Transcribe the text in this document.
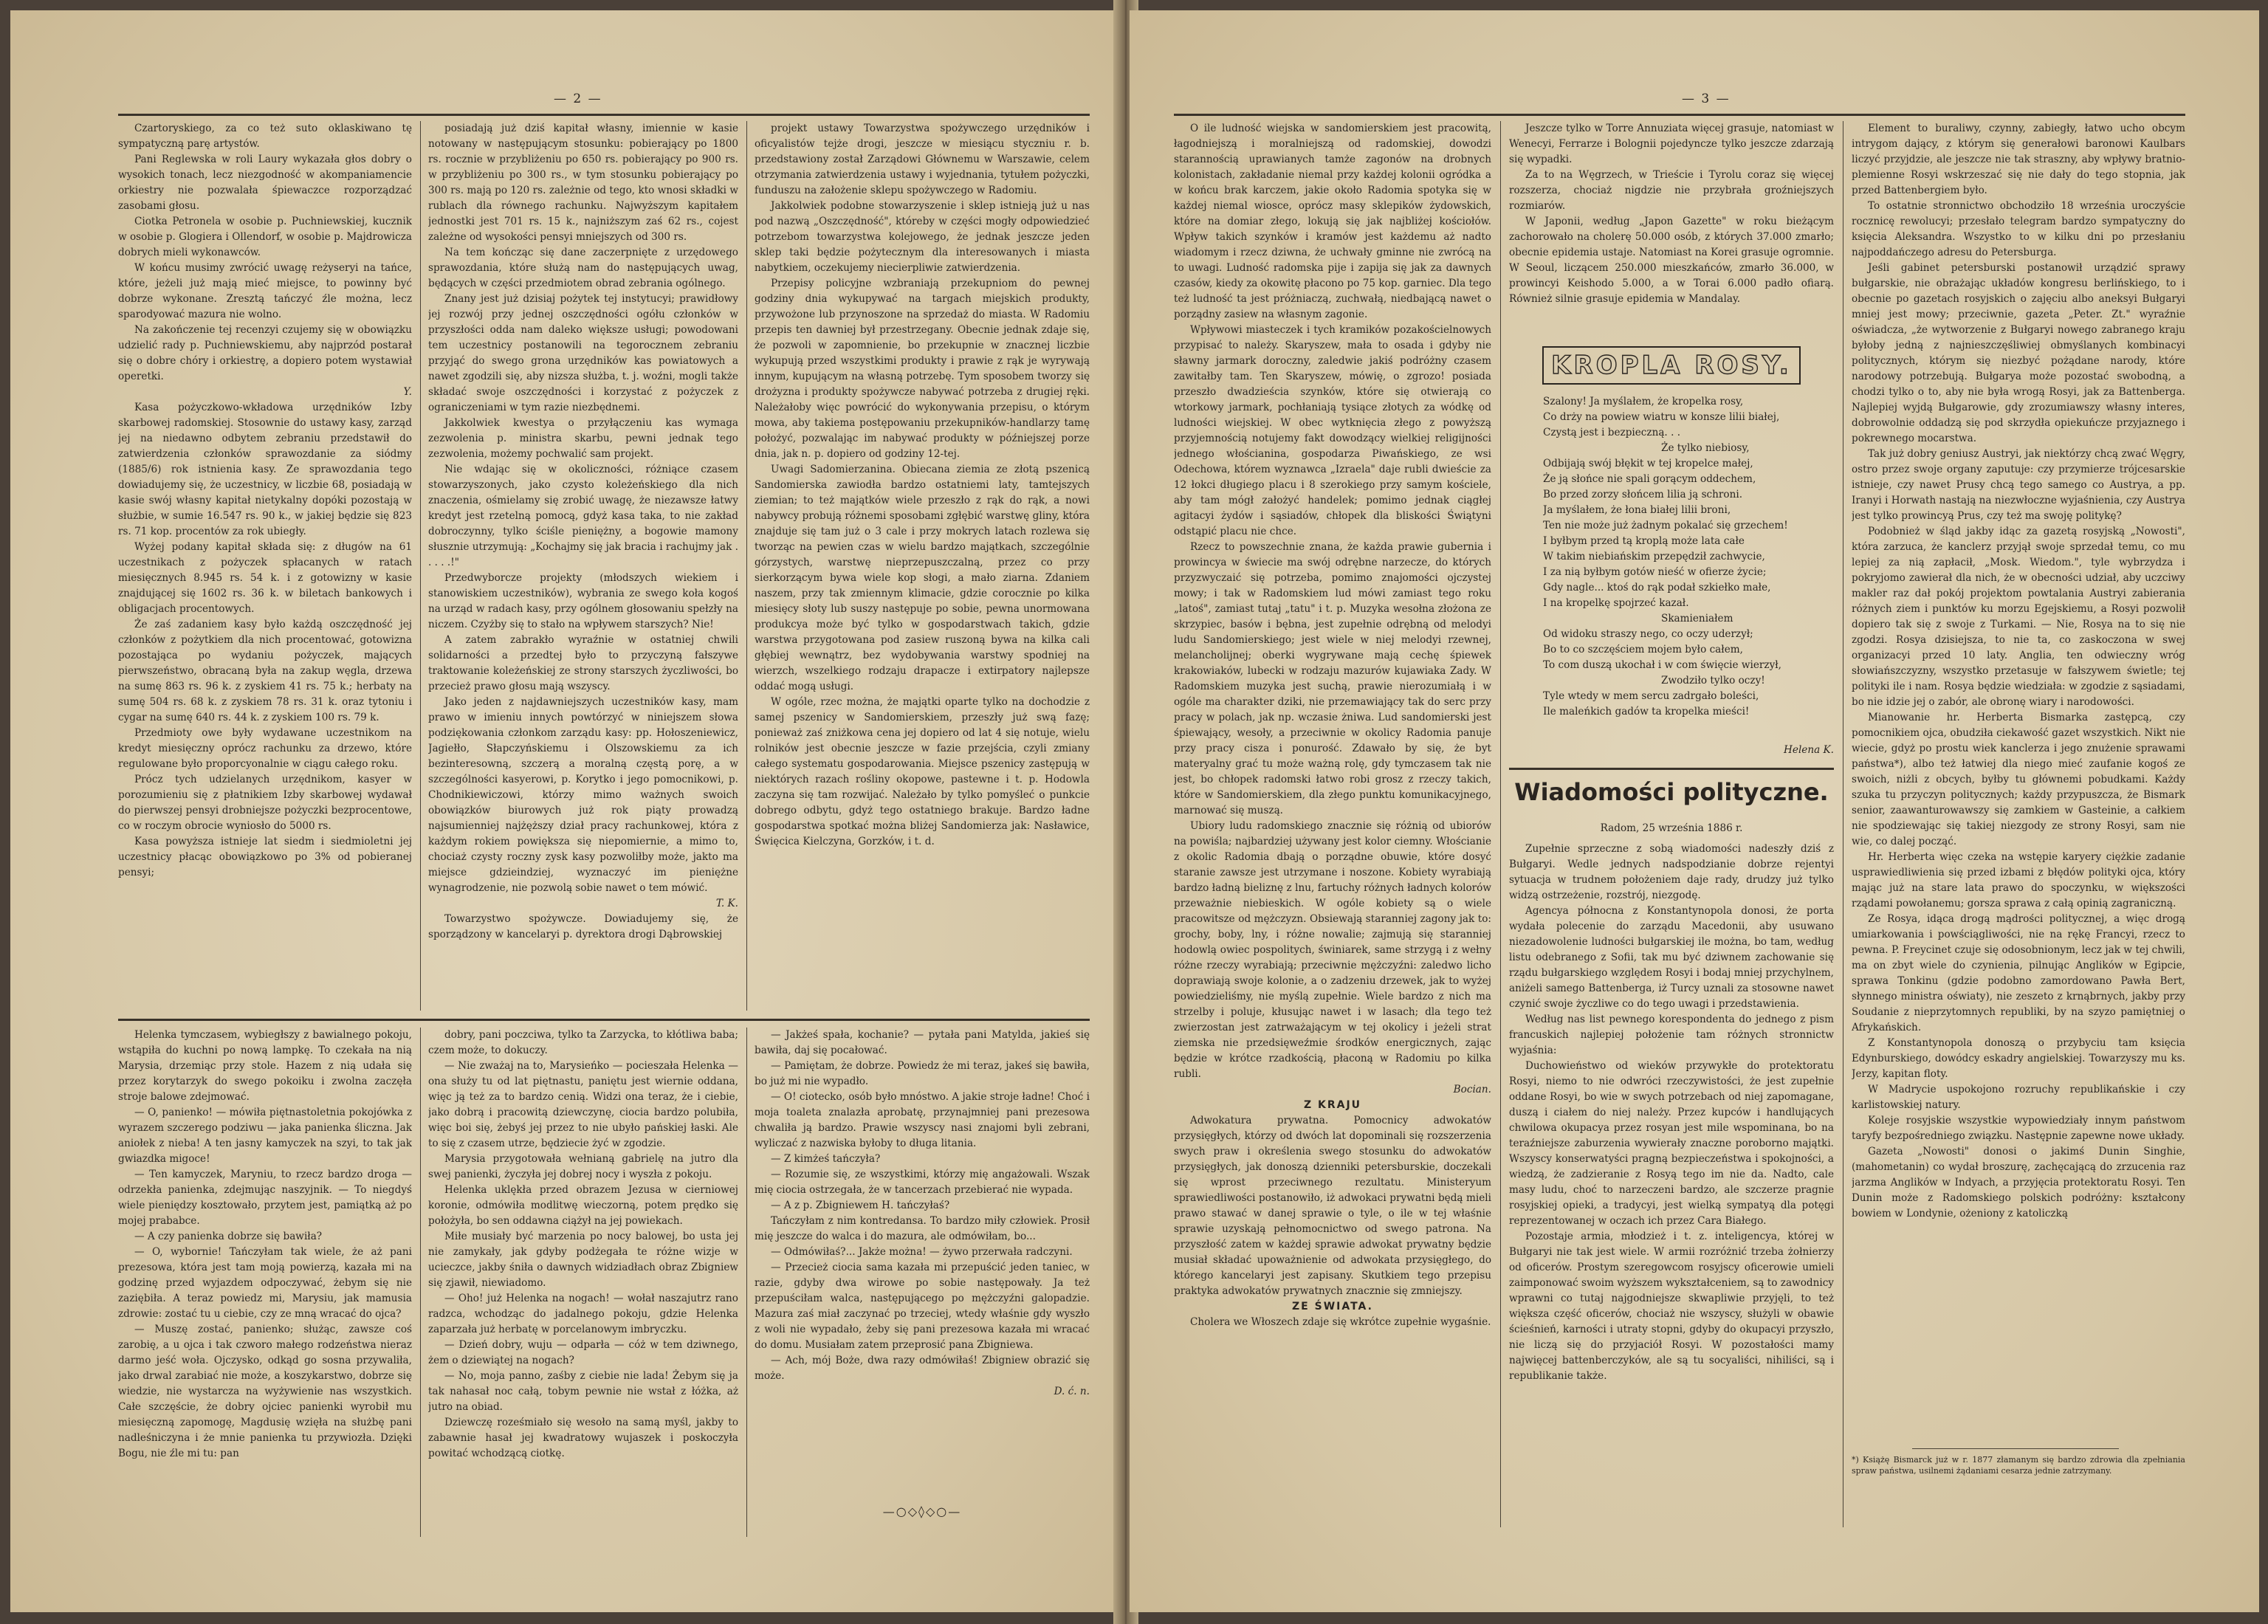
— 2 —

Czartoryskiego, za co też suto oklaskiwano tę sympatyczną parę artystów.

Pani Reglewska w roli Laury wykazała głos dobry o wysokich tonach, lecz niezgodność w akompaniamencie orkiestry nie pozwalała śpiewaczce rozporządzać zasobami głosu.

Ciotka Petronela w osobie p. Puchniewskiej, kucznik w osobie p. Glogiera i Ollendorf, w osobie p. Majdrowicza dobrych mieli wykonawców.

W końcu musimy zwrócić uwagę reżyseryi na tańce, które, jeżeli już mają mieć miejsce, to powinny być dobrze wykonane. Zresztą tańczyć źle można, lecz sparodyować mazura nie wolno.

Na zakończenie tej recenzyi czujemy się w obowiązku udzielić rady p. Puchniewskiemu, aby najprzód postarał się o dobre chóry i orkiestrę, a dopiero potem wystawiał operetki.

Y.

Kasa pożyczkowo-wkładowa urzędników Izby skarbowej radomskiej. Stosownie do ustawy kasy, zarząd jej na niedawno odbytem zebraniu przedstawił do zatwierdzenia członków sprawozdanie za siódmy (1885/6) rok istnienia kasy. Ze sprawozdania tego dowiadujemy się, że uczestnicy, w liczbie 68, posiadają w kasie swój własny kapitał nietykalny dopóki pozostają w służbie, w sumie 16.547 rs. 90 k., w jakiej będzie się 823 rs. 71 kop. procentów za rok ubiegły.

Wyżej podany kapitał składa się: z długów na 61 uczestnikach z pożyczek spłacanych w ratach miesięcznych 8.945 rs. 54 k. i z gotowizny w kasie znajdującej się 1602 rs. 36 k. w biletach bankowych i obligacjach procentowych.

Że zaś zadaniem kasy było każdą oszczędność jej członków z pożytkiem dla nich procentować, gotowizna pozostająca po wydaniu pożyczek, mających pierwszeństwo, obracaną była na zakup węgla, drzewa na sumę 863 rs. 96 k. z zyskiem 41 rs. 75 k.; herbaty na sumę 504 rs. 68 k. z zyskiem 78 rs. 31 k. oraz tytoniu i cygar na sumę 640 rs. 44 k. z zyskiem 100 rs. 79 k.

Przedmioty owe były wydawane uczestnikom na kredyt miesięczny oprócz rachunku za drzewo, które regulowane było proporcyonalnie w ciągu całego roku.

Prócz tych udzielanych urzędnikom, kasyer w porozumieniu się z płatnikiem Izby skarbowej wydawał do pierwszej pensyi drobniejsze pożyczki bezprocentowe, co w roczym obrocie wyniosło do 5000 rs.

Kasa powyższa istnieje lat siedm i siedmioletni jej uczestnicy płacąc obowiązkowo po 3% od pobieranej pensyi;

posiadają już dziś kapitał własny, imiennie w kasie notowany w następującym stosunku: pobierający po 1800 rs. rocznie w przybliżeniu po 650 rs. pobierający po 900 rs. w przybliżeniu po 300 rs., w tym stosunku pobierający po 300 rs. mają po 120 rs. zależnie od tego, kto wnosi składki w rublach dla równego rachunku. Najwyższym kapitałem jednostki jest 701 rs. 15 k., najniższym zaś 62 rs., cojest zależne od wysokości pensyi mniejszych od 300 rs.

Na tem kończąc się dane zaczerpnięte z urzędowego sprawozdania, które służą nam do następujących uwag, będących w części przedmiotem obrad zebrania ogólnego.

Znany jest już dzisiaj pożytek tej instytucyi; prawidłowy jej rozwój przy jednej oszczędności ogółu członków w przyszłości odda nam daleko większe usługi; powodowani tem uczestnicy postanowili na tegorocznem zebraniu przyjąć do swego grona urzędników kas powiatowych a nawet zgodzili się, aby nizsza służba, t. j. woźni, mogli także składać swoje oszczędności i korzystać z pożyczek z ograniczeniami w tym razie niezbędnemi.

Jakkolwiek kwestya o przyłączeniu kas wymaga zezwolenia p. ministra skarbu, pewni jednak tego zezwolenia, możemy pochwalić sam projekt.

Nie wdając się w okoliczności, różniące czasem stowarzyszonych, jako czysto koleżeńskiego dla nich znaczenia, ośmielamy się zrobić uwagę, że niezawsze łatwy kredyt jest rzetelną pomocą, gdyż kasa taka, to nie zakład dobroczynny, tylko ściśle pieniężny, a bogowie mamony słusznie utrzymują: „Kochajmy się jak bracia i rachujmy jak . . . . .!"

Przedwyborcze projekty (młodszych wiekiem i stanowiskiem uczestników), wybrania ze swego koła kogoś na urząd w radach kasy, przy ogólnem głosowaniu spełzły na niczem. Czyżby się to stało na wpływem starszych? Nie!

A zatem zabrakło wyraźnie w ostatniej chwili solidarności a przedtej było to przyczyną fałszywe traktowanie koleżeńskiej ze strony starszych życzliwości, bo przecież prawo głosu mają wszyscy.

Jako jeden z najdawniejszych uczestników kasy, mam prawo w imieniu innych powtórzyć w niniejszem słowa podziękowania członkom zarządu kasy: pp. Hołoszeniewicz, Jagiełło, Słapczyńskiemu i Olszowskiemu za ich bezinteresowną, szczerą a moralną częstą porę, a w szczególności kasyerowi, p. Korytko i jego pomocnikowi, p. Chodnikiewiczowi, którzy mimo ważnych swoich obowiązków biurowych już rok piąty prowadzą najsumienniej najżęższy dział pracy rachunkowej, która z każdym rokiem powiększa się niepomiernie, a mimo to, chociaż czysty roczny zysk kasy pozwoliłby może, jakto ma miejsce gdzieindziej, wyznaczyć im pieniężne wynagrodzenie, nie pozwolą sobie nawet o tem mówić.

T. K.

Towarzystwo spożywcze. Dowiadujemy się, że sporządzony w kancelaryi p. dyrektora drogi Dąbrowskiej

projekt ustawy Towarzystwa spożywczego urzędników i oficyalistów tejże drogi, jeszcze w miesiącu styczniu r. b. przedstawiony został Zarządowi Głównemu w Warszawie, celem otrzymania zatwierdzenia ustawy i wyjednania, tytułem pożyczki, funduszu na założenie sklepu spożywczego w Radomiu.

Jakkolwiek podobne stowarzyszenie i sklep istnieją już u nas pod nazwą „Oszczędność", któreby w części mogły odpowiedzieć potrzebom towarzystwa kolejowego, że jednak jeszcze jeden sklep taki będzie pożytecznym dla interesowanych i miasta nabytkiem, oczekujemy niecierpliwie zatwierdzenia.

Przepisy policyjne wzbraniają przekupniom do pewnej godziny dnia wykupywać na targach miejskich produkty, przywożone lub przynoszone na sprzedaż do miasta. W Radomiu przepis ten dawniej był przestrzegany. Obecnie jednak zdaje się, że pozwoli w zapomnienie, bo przekupnie w znacznej liczbie wykupują przed wszystkimi produkty i prawie z rąk je wyrywają innym, kupującym na własną potrzebę. Tym sposobem tworzy się drożyzna i produkty spożywcze nabywać potrzeba z drugiej ręki. Należałoby więc powrócić do wykonywania przepisu, o którym mowa, aby takiema postępowaniu przekupników-handlarzy tamę położyć, pozwalając im nabywać produkty w późniejszej porze dnia, jak n. p. dopiero od godziny 12-tej.

Uwagi Sadomierzanina. Obiecana ziemia ze złotą pszenicą Sandomierska zawiodła bardzo ostatniemi laty, tamtejszych ziemian; to też majątków wiele przeszło z rąk do rąk, a nowi nabywcy probują różnemi sposobami zgłębić warstwę gliny, która znajduje się tam już o 3 cale i przy mokrych latach rozlewa się tworząc na pewien czas w wielu bardzo majątkach, szczególnie górzystych, warstwę nieprzepuszczalną, przez co przy sierkorzącym bywa wiele kop słogi, a mało ziarna. Zdaniem naszem, przy tak zmiennym klimacie, gdzie corocznie po kilka miesięcy słoty lub suszy następuje po sobie, pewna unormowana produkcya może być tylko w gospodarstwach takich, gdzie warstwa przygotowana pod zasiew ruszoną bywa na kilka cali głębiej wewnątrz, bez wydobywania warstwy spodniej na wierzch, wszelkiego rodzaju drapacze i extirpatory najlepsze oddać mogą usługi.

W ogóle, rzec można, że majątki oparte tylko na dochodzie z samej pszenicy w Sandomierskiem, przeszły już swą fazę; ponieważ zaś zniżkowa cena jej dopiero od lat 4 się notuje, wielu rolników jest obecnie jeszcze w fazie przejścia, czyli zmiany całego systematu gospodarowania. Miejsce pszenicy zastępują w niektórych razach rośliny okopowe, pastewne i t. p. Hodowla zaczyna się tam rozwijać. Należało by tylko pomyśleć o punkcie dobrego odbytu, gdyż tego ostatniego brakuje. Bardzo ładne gospodarstwa spotkać można bliżej Sandomierza jak: Nasławice, Święcica Kielczyna, Gorzków, i t. d.

Helenka tymczasem, wybiegłszy z bawialnego pokoju, wstąpiła do kuchni po nową lampkę. To czekała na nią Marysia, drzemiąc przy stole. Hazem z nią udała się przez korytarzyk do swego pokoiku i zwolna zaczęła stroje balowe zdejmować.

— O, panienko! — mówiła piętnastoletnia pokojówka z wyrazem szczerego podziwu — jaka panienka śliczna. Jak aniołek z nieba! A ten jasny kamyczek na szyi, to tak jak gwiazdka migoce!

— Ten kamyczek, Maryniu, to rzecz bardzo droga — odrzekła panienka, zdejmując naszyjnik. — To niegdyś wiele pieniędzy kosztowało, przytem jest, pamiątką aż po mojej prababce.

— A czy panienka dobrze się bawiła?

— O, wybornie! Tańczyłam tak wiele, że aż pani prezesowa, która jest tam moją powierzą, kazała mi na godzinę przed wyjazdem odpoczywać, żebym się nie zaziębiła. A teraz powiedz mi, Marysiu, jak mamusia zdrowie: zostać tu u ciebie, czy ze mną wracać do ojca?

— Muszę zostać, panienko; służąc, zawsze coś zarobię, a u ojca i tak czworo małego rodzeństwa nieraz darmo jeść woła. Ojczysko, odkąd go sosna przywaliła, jako drwal zarabiać nie może, a koszykarstwo, dobrze się wiedzie, nie wystarcza na wyżywienie nas wszystkich. Całe szczęście, że dobry ojciec panienki wyrobił mu miesięczną zapomogę, Magdusię wzięła na służbę pani nadleśniczyna i że mnie panienka tu przywiozła. Dzięki Bogu, nie źle mi tu: pan

dobry, pani poczciwa, tylko ta Zarzycka, to kłótliwa baba; czem może, to dokuczy.

— Nie zważaj na to, Marysieńko — pocieszała Helenka — ona służy tu od lat piętnastu, paniętu jest wiernie oddana, więc ją też za to bardzo cenią. Widzi ona teraz, że i ciebie, jako dobrą i pracowitą dziewczynę, ciocia bardzo polubiła, więc boi się, żebyś jej przez to nie ubyło pańskiej łaski. Ale to się z czasem utrze, będziecie żyć w zgodzie.

Marysia przygotowała wełnianą gabrielę na jutro dla swej panienki, życzyła jej dobrej nocy i wyszła z pokoju.

Helenka uklękła przed obrazem Jezusa w cierniowej koronie, odmówiła modlitwę wieczorną, potem prędko się położyła, bo sen oddawna ciążył na jej powiekach.

Miłe musiały być marzenia po nocy balowej, bo usta jej nie zamykały, jak gdyby podżegała te różne wizje w ucieczce, jakby śniła o dawnych widziadłach obraz Zbigniew się zjawił, niewiadomo.

— Oho! już Helenka na nogach! — wołał naszajutrz rano radzca, wchodząc do jadalnego pokoju, gdzie Helenka zaparzała już herbatę w porcelanowym imbryczku.

— Dzień dobry, wuju — odparła — cóż w tem dziwnego, żem o dziewiątej na nogach?

— No, moja panno, zaśby z ciebie nie lada! Żebym się ja tak nahasał noc całą, tobym pewnie nie wstał z łóżka, aż jutro na obiad.

Dziewczę roześmiało się wesoło na samą myśl, jakby to zabawnie hasał jej kwadratowy wujaszek i poskoczyła powitać wchodzącą ciotkę.

— Jakżeś spała, kochanie? — pytała pani Matylda, jakieś się bawiła, daj się pocałować.

— Pamiętam, że dobrze. Powiedz że mi teraz, jakeś się bawiła, bo już mi nie wypadło.

— O! ciotecko, osób było mnóstwo. A jakie stroje ładne! Choć i moja toaleta znalazła aprobatę, przynajmniej pani prezesowa chwaliła ją bardzo. Prawie wszyscy nasi znajomi byli zebrani, wyliczać z nazwiska byłoby to długa litania.

— Z kimżeś tańczyła?

— Rozumie się, ze wszystkimi, którzy mię angażowali. Wszak mię ciocia ostrzegała, że w tancerzach przebierać nie wypada.

— A z p. Zbigniewem H. tańczyłaś?

Tańczyłam z nim kontredansa. To bardzo miły człowiek. Prosił mię jeszcze do walca i do mazura, ale odmówiłam, bo...

— Odmówiłaś?... Jakże można! — żywo przerwała radczyni.

— Przecież ciocia sama kazała mi przepuścić jeden taniec, w razie, gdyby dwa wirowe po sobie następowały. Ja też przepuściłam walca, następującego po mężczyźni galopadzie. Mazura zaś miał zaczynać po trzeciej, wtedy właśnie gdy wyszło z woli nie wypadało, żeby się pani prezesowa kazała mi wracać do domu. Musiałam zatem przeprosić pana Zbigniewa.

— Ach, mój Boże, dwa razy odmówiłaś! Zbigniew obrazić się może.

D. ć. n.

—○◇◊◇○—
— 3 —

O ile ludność wiejska w sandomierskiem jest pracowitą, łagodniejszą i moralniejszą od radomskiej, dowodzi starannością uprawianych tamże zagonów na drobnych kolonistach, zakładanie niemal przy każdej kolonii ogródka a w końcu brak karczem, jakie około Radomia spotyka się w każdej niemal wiosce, oprócz masy sklepików żydowskich, które na domiar złego, lokują się jak najbliżej kościołów. Wpływ takich szynków i kramów jest każdemu aż nadto wiadomym i rzecz dziwna, że uchwały gminne nie zwrócą na to uwagi. Ludność radomska pije i zapija się jak za dawnych czasów, kiedy za okowitę płacono po 75 kop. garniec. Dla tego też ludność ta jest próżniaczą, zuchwałą, niedbającą nawet o porządny zasiew na własnym zagonie.

Wpływowi miasteczek i tych kramików pozakościelnowych przypisać to należy. Skaryszew, mała to osada i gdyby nie sławny jarmark doroczny, zaledwie jakiś podróżny czasem zawitałby tam. Ten Skaryszew, mówię, o zgrozo! posiada przeszło dwadzieścia szynków, które się otwierają co wtorkowy jarmark, pochłaniają tysiące złotych za wódkę od ludności wiejskiej. W obec wytknięcia złego z powyższą przyjemnością notujemy fakt dowodzący wielkiej religijności jednego włościanina, gospodarza Piwańskiego, ze wsi Odechowa, którem wyznawca „Izraela" daje rubli dwieście za 12 łokci długiego placu i 8 szerokiego przy samym kościele, aby tam mógł założyć handelek; pomimo jednak ciągłej agitacyi żydów i sąsiadów, chłopek dla bliskości Świątyni odstąpić placu nie chce.

Rzecz to powszechnie znana, że każda prawie gubernia i prowincya w świecie ma swój odrębne narzecze, do których przyzwyczaić się potrzeba, pomimo znajomości ojczystej mowy; i tak w Radomskiem lud mówi zamiast tego roku „latoś", zamiast tutaj „tatu" i t. p. Muzyka wesołna złożona ze skrzypiec, basów i bębna, jest zupełnie odrębną od melodyi ludu Sandomierskiego; jest wiele w niej melodyi rzewnej, melancholijnej; oberki wygrywane mają cechę śpiewek krakowiaków, lubecki w rodzaju mazurów kujawiaka Zady. W Radomskiem muzyka jest suchą, prawie nierozumiałą i w ogóle ma charakter dziki, nie przemawiający tak do serc przy pracy w polach, jak np. wczasie żniwa. Lud sandomierski jest śpiewający, wesoły, a przeciwnie w okolicy Radomia panuje przy pracy cisza i ponurość. Zdawało by się, że byt materyalny grać tu może ważną rolę, gdy tymczasem tak nie jest, bo chłopek radomski łatwo robi grosz z rzeczy takich, które w Sandomierskiem, dla złego punktu komunikacyjnego, marnować się muszą.

Ubiory ludu radomskiego znacznie się różnią od ubiorów na powiśla; najbardziej używany jest kolor ciemny. Włościanie z okolic Radomia dbają o porządne obuwie, które dosyć staranie zawsze jest utrzymane i noszone. Kobiety wyrabiają bardzo ładną bieliznę z lnu, fartuchy różnych ładnych kolorów przeważnie niebieskich. W ogóle kobiety są o wiele pracowitsze od mężczyzn. Obsiewają staranniej zagony jak to: grochy, boby, lny, i różne nowalie; zajmują się staranniej hodowlą owiec pospolitych, świniarek, same strzygą i z wełny różne rzeczy wyrabiają; przeciwnie mężczyźni: zaledwo licho doprawiają swoje kolonie, a o zadzeniu drzewek, jak to wyżej powiedzieliśmy, nie myślą zupełnie. Wiele bardzo z nich ma strzelby i poluje, kłusując nawet i w lasach; dla tego też zwierzostan jest zatrważającym w tej okolicy i jeżeli strat ziemska nie przedsięweźmie środków energicznych, zając będzie w krótce rzadkością, płaconą w Radomiu po kilka rubli.

Bocian.

Z KRAJU

Adwokatura prywatna. Pomocnicy adwokatów przysięgłych, którzy od dwóch lat dopominali się rozszerzenia swych praw i określenia swego stosunku do adwokatów przysięgłych, jak donoszą dzienniki petersburskie, doczekali się wprost przeciwnego rezultatu. Ministeryum sprawiedliwości postanowiło, iż adwokaci prywatni będą mieli prawo stawać w danej sprawie o tyle, o ile w tej właśnie sprawie uzyskają pełnomocnictwo od swego patrona. Na przyszłość zatem w każdej sprawie adwokat prywatny będzie musiał składać upoważnienie od adwokata przysięgłego, do którego kancelaryi jest zapisany. Skutkiem tego przepisu praktyka adwokatów prywatnych znacznie się zmniejszy.

ZE ŚWIATA.

Cholera we Włoszech zdaje się wkrótce zupełnie wygaśnie.

Jeszcze tylko w Torre Annuziata więcej grasuje, natomiast w Wenecyi, Ferrarze i Bolognii pojedyncze tylko jeszcze zdarzają się wypadki.

Za to na Węgrzech, w Trieście i Tyrolu coraz się więcej rozszerza, chociaż nigdzie nie przybrała groźniejszych rozmiarów.

W Japonii, według „Japon Gazette" w roku bieżącym zachorowało na cholerę 50.000 osób, z których 37.000 zmarło; obecnie epidemia ustaje. Natomiast na Korei grasuje ogromnie. W Seoul, liczącem 250.000 mieszkańców, zmarło 36.000, w prowincyi Keishodo 5.000, a w Torai 6.000 padło ofiarą. Również silnie grasuje epidemia w Mandalay.

KROPLA ROSY.

Szalony! Ja myślałem, że kropelka rosy,

Co drży na powiew wiatru w konsze lilii białej,

Czystą jest i bezpieczną. . .

Że tylko niebiosy,

Odbijają swój błękit w tej kropelce małej,

Że ją słońce nie spali gorącym oddechem,

Bo przed zorzy słońcem lilia ją schroni.

Ja myślałem, że łona białej lilii broni,

Ten nie może już żadnym pokalać się grzechem!

I byłbym przed tą kroplą może lata całe

W takim niebiańskim przepędził zachwycie,

I za nią byłbym gotów nieść w ofierze życie;

Gdy nagle... ktoś do rąk podał szkiełko małe,

I na kropelkę spojrzeć kazał.

Skamieniałem

Od widoku straszy nego, co oczy uderzył;

Bo to co szczęściem mojem było całem,

To com duszą ukochał i w com święcie wierzył,

Zwodziło tylko oczy!

Tyle wtedy w mem sercu zadrgało boleści,

Ile maleńkich gadów ta kropelka mieści!

Helena K.

Wiadomości polityczne.

Radom, 25 września 1886 r.

Zupełnie sprzeczne z sobą wiadomości nadeszły dziś z Bułgaryi. Wedle jednych nadspodzianie dobrze rejentyi sytuacja w trudnem położeniem daje rady, drudzy już tylko widzą ostrzeżenie, rozstrój, niezgodę.

Agencya północna z Konstantynopola donosi, że porta wydała polecenie do zarządu Macedonii, aby usuwano niezadowolenie ludności bułgarskiej ile można, bo tam, według listu odebranego z Sofii, tak mu być dziwnem zachowanie się rządu bułgarskiego względem Rosyi i bodaj mniej przychylnem, aniżeli samego Battenberga, iż Turcy uznali za stosowne nawet czynić swoje życzliwe co do tego uwagi i przedstawienia.

Według nas list pewnego korespondenta do jednego z pism francuskich najlepiej położenie tam różnych stronnictw wyjaśnia:

Duchowieństwo od wieków przywykłe do protektoratu Rosyi, niemo to nie odwróci rzeczywistości, że jest zupełnie oddane Rosyi, bo wie w swych potrzebach od niej zapomagane, duszą i ciałem do niej należy. Przez kupców i handlujących chwilowa okupacya przez rosyan jest mile wspominana, bo na teraźniejsze zaburzenia wywierały znaczne poroborno majątki. Wszyscy konserwatyści pragną bezpieczeństwa i spokojności, a wiedzą, że zadzieranie z Rosyą tego im nie da. Nadto, cale masy ludu, choć to narzeczeni bardzo, ale szczerze pragnie rosyjskiej opieki, a tradycyi, jest wielką sympatyą dla potęgi reprezentowanej w oczach ich przez Cara Białego.

Pozostaje armia, młodzież i t. z. inteligencya, której w Bułgaryi nie tak jest wiele. W armii rozróżnić trzeba żołnierzy od oficerów. Prostym szeregowcom rosyjscy oficerowie umieli zaimponować swoim wyższem wykształceniem, są to zawodnicy wprawni co tutaj najgodniejsze skwapliwie przyjęli, to też większa część oficerów, chociaż nie wszyscy, służyli w obawie ścieśnień, karności i utraty stopni, gdyby do okupacyi przyszło, nie liczą się do przyjaciół Rosyi. W pozostałości mamy najwięcej battenberczyków, ale są tu socyaliści, nihiliści, są i republikanie także.

Element to buraliwy, czynny, zabiegły, łatwo ucho obcym intrygom dający, z którym się generałowi baronowi Kaulbars liczyć przyjdzie, ale jeszcze nie tak straszny, aby wpływy bratnio-plemienne Rosyi wskrzeszać się nie dały do tego stopnia, jak przed Battenbergiem było.

To ostatnie stronnictwo obchodziło 18 września uroczyście rocznicę rewolucyi; przesłało telegram bardzo sympatyczny do księcia Aleksandra. Wszystko to w kilku dni po przesłaniu najpoddańczego adresu do Petersburga.

Jeśli gabinet petersburski postanowił urządzić sprawy bułgarskie, nie obrażając układów kongresu berlińskiego, to i obecnie po gazetach rosyjskich o zajęciu albo aneksyi Bułgaryi mniej jest mowy; przeciwnie, gazeta „Peter. Zt." wyraźnie oświadcza, „że wytworzenie z Bułgaryi nowego zabranego kraju byłoby jedną z najnieszczęśliwiej obmyślanych kombinacyi politycznych, którym się niezbyć pożądane narody, które narodowy potrzebują. Bułgarya może pozostać swobodną, a chodzi tylko o to, aby nie była wrogą Rosyi, jak za Battenberga. Najlepiej wyjdą Bułgarowie, gdy zrozumiawszy własny interes, dobrowolnie oddadzą się pod skrzydła opiekuńcze przyjaznego i pokrewnego mocarstwa.

Tak już dobry geniusz Austryi, jak niektórzy chcą zwać Węgry, ostro przez swoje organy zaputuje: czy przymierze trójcesarskie istnieje, czy nawet Prusy chcą tego samego co Austrya, a pp. Iranyi i Horwath nastają na niezwłoczne wyjaśnienia, czy Austrya jest tylko prowincyą Prus, czy też ma swoję politykę?

Podobnież w śląd jakby idąc za gazetą rosyjską „Nowosti", która zarzuca, że kanclerz przyjął swoje sprzedał temu, co mu lepiej za nią zapłacił, „Mosk. Wiedom.", tyle wybrzydza i pokryjomo zawierał dla nich, że w obecności udział, aby uczciwy makler raz dał pokój projektom powtalania Austryi zabierania różnych ziem i punktów ku morzu Egejskiemu, a Rosyi pozwolił dopiero tak się z swoje z Turkami. — Nie, Rosya na to się nie zgodzi. Rosya dzisiejsza, to nie ta, co zaskoczona w swej organizacyi przed 10 laty. Anglia, ten odwieczny wróg słowiańszczyzny, wszystko przetasuje w fałszywem świetle; tej polityki ile i nam. Rosya będzie wiedziała: w zgodzie z sąsiadami, bo nie idzie jej o zabór, ale obronę wiary i narodowości.

Mianowanie hr. Herberta Bismarka zastępcą, czy pomocnikiem ojca, obudziła ciekawość gazet wszystkich. Nikt nie wiecie, gdyż po prostu wiek kanclerza i jego znużenie sprawami państwa*), albo też łatwiej dla niego mieć zaufanie kogoś ze swoich, niżli z obcych, byłby tu głównemi pobudkami. Każdy szuka tu przyczyn politycznych; każdy przypuszcza, że Bismark senior, zaawanturowawszy się zamkiem w Gasteinie, a całkiem nie spodziewając się takiej niezgody ze strony Rosyi, sam nie wie, co dalej począć.

Hr. Herberta więc czeka na wstępie karyery ciężkie zadanie usprawiedliwienia się przed izbami z błędów polityki ojca, który mając już na stare lata prawo do spoczynku, w większości rządami powołanemu; gorsza sprawa z całą opinią zagraniczną.

Ze Rosya, idąca drogą mądrości politycznej, a więc drogą umiarkowania i powściągliwości, nie na rękę Francyi, rzecz to pewna. P. Freycinet czuje się odosobnionym, lecz jak w tej chwili, ma on zbyt wiele do czynienia, pilnując Anglików w Egipcie, sprawa Tonkinu (gdzie podobno zamordowano Pawła Bert, słynnego ministra oświaty), nie zeszeto z krnąbrnych, jakby przy Soudanie z nieprzytomnych republiki, by na szyzo pamiętniej o Afrykańskich.

Z Konstantynopola donoszą o przybyciu tam księcia Edynburskiego, dowódcy eskadry angielskiej. Towarzyszy mu ks. Jerzy, kapitan floty.

W Madrycie uspokojono rozruchy republikańskie i czy karlistowskiej natury.

Koleje rosyjskie wszystkie wypowiedziały innym państwom taryfy bezpośredniego związku. Następnie zapewne nowe układy.

Gazeta „Nowosti" donosi o jakimś Dunin Singhie, (mahometanin) co wydał broszurę, zachęcającą do zrzucenia raz jarzma Anglików w Indyach, a przyjęcia protektoratu Rosyi. Ten Dunin może z Radomskiego polskich podróżny: kształcony bowiem w Londynie, ożeniony z katoliczką

*) Książę Bismarck już w r. 1877 złamanym się bardzo zdrowia dla zpełniania spraw państwa, usilnemi żądaniami cesarza jednie zatrzymany.
